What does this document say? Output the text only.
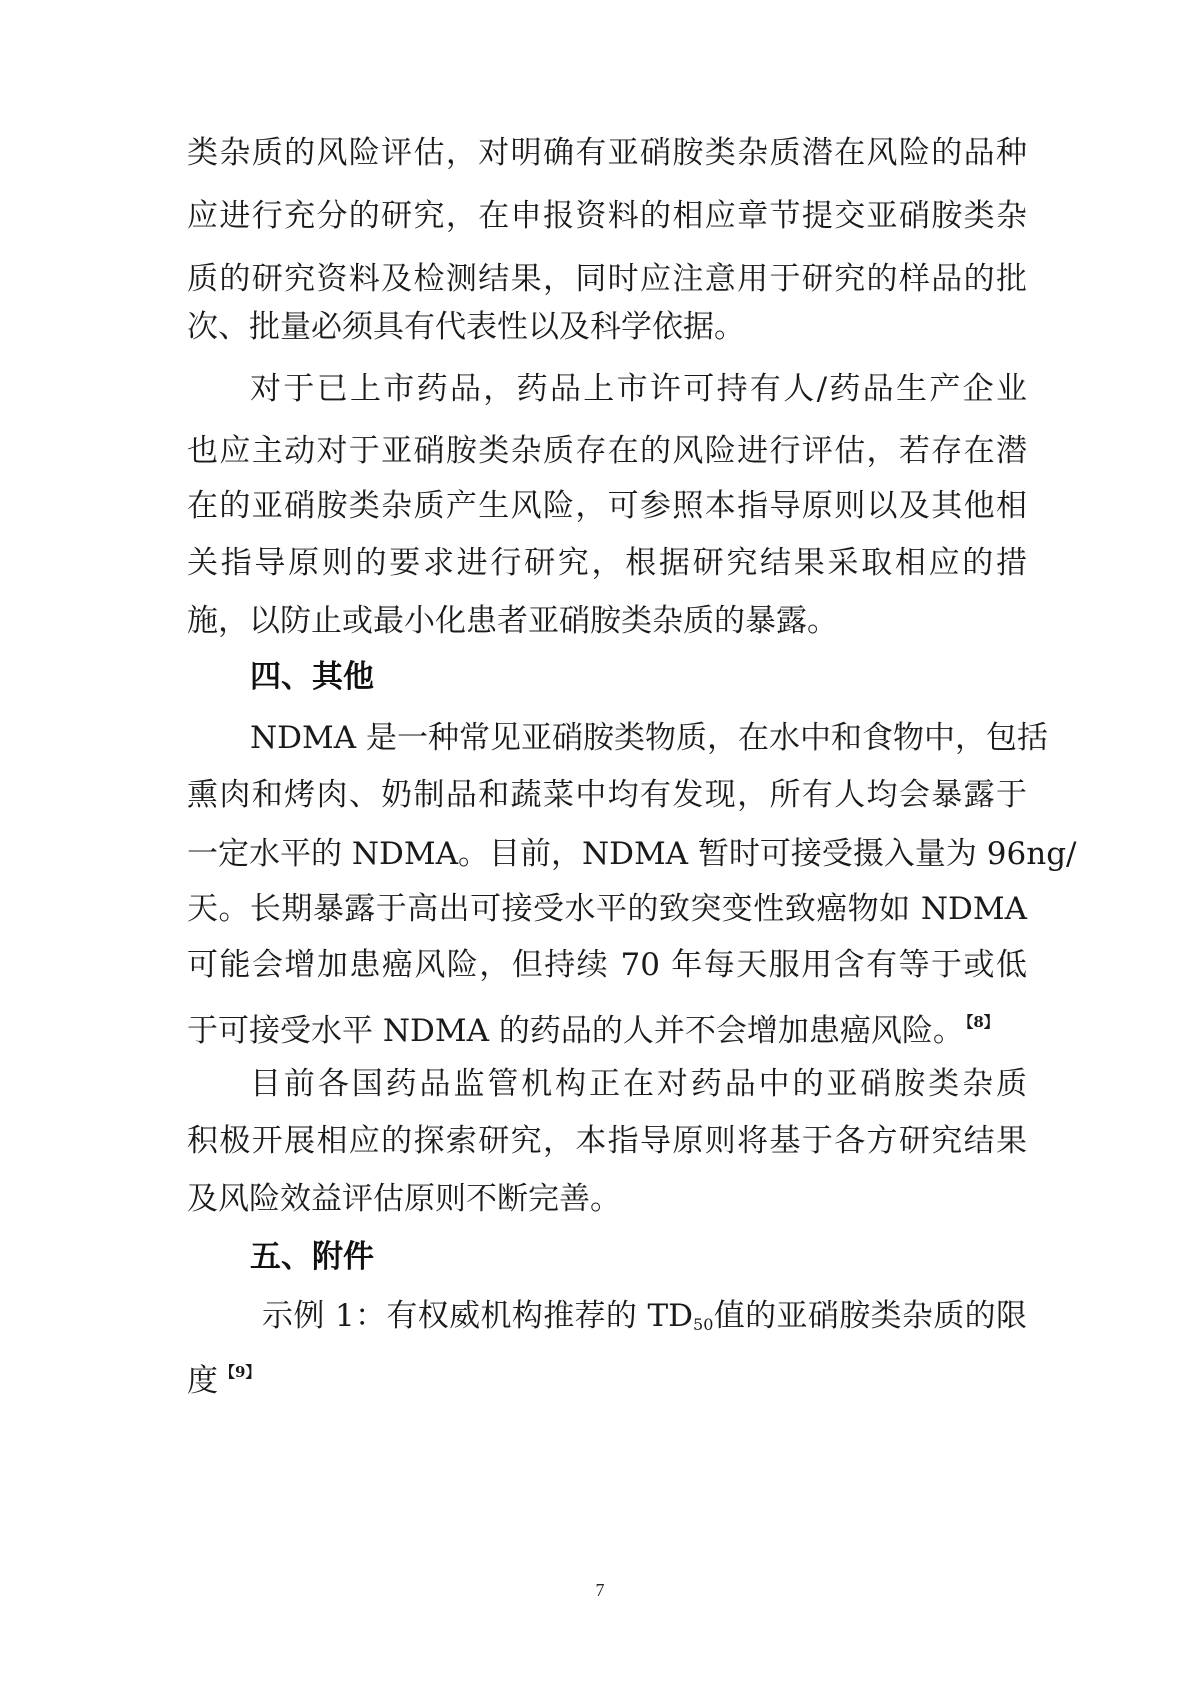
类杂质的风险评估，对明确有亚硝胺类杂质潜在风险的品种
应进行充分的研究，在申报资料的相应章节提交亚硝胺类杂
质的研究资料及检测结果，同时应注意用于研究的样品的批
次、批量必须具有代表性以及科学依据。
对于已上市药品，药品上市许可持有人/药品生产企业
也应主动对于亚硝胺类杂质存在的风险进行评估，若存在潜
在的亚硝胺类杂质产生风险，可参照本指导原则以及其他相
关指导原则的要求进行研究，根据研究结果采取相应的措
施，以防止或最小化患者亚硝胺类杂质的暴露。
四、其他
NDMA 是一种常见亚硝胺类物质，在水中和食物中，包括
熏肉和烤肉、奶制品和蔬菜中均有发现，所有人均会暴露于
一定水平的 NDMA。目前，NDMA 暂时可接受摄入量为 96ng/
天。长期暴露于高出可接受水平的致突变性致癌物如 NDMA
可能会增加患癌风险，但持续 70 年每天服用含有等于或低
于可接受水平 NDMA 的药品的人并不会增加患癌风险。 $^{【8】}$
目前各国药品监管机构正在对药品中的亚硝胺类杂质
积极开展相应的探索研究，本指导原则将基于各方研究结果
及风险效益评估原则不断完善。
五、附件
示例 1：有权威机构推荐的 $TD_{50}$值的亚硝胺类杂质的限
度 $^{【9】}$
7
